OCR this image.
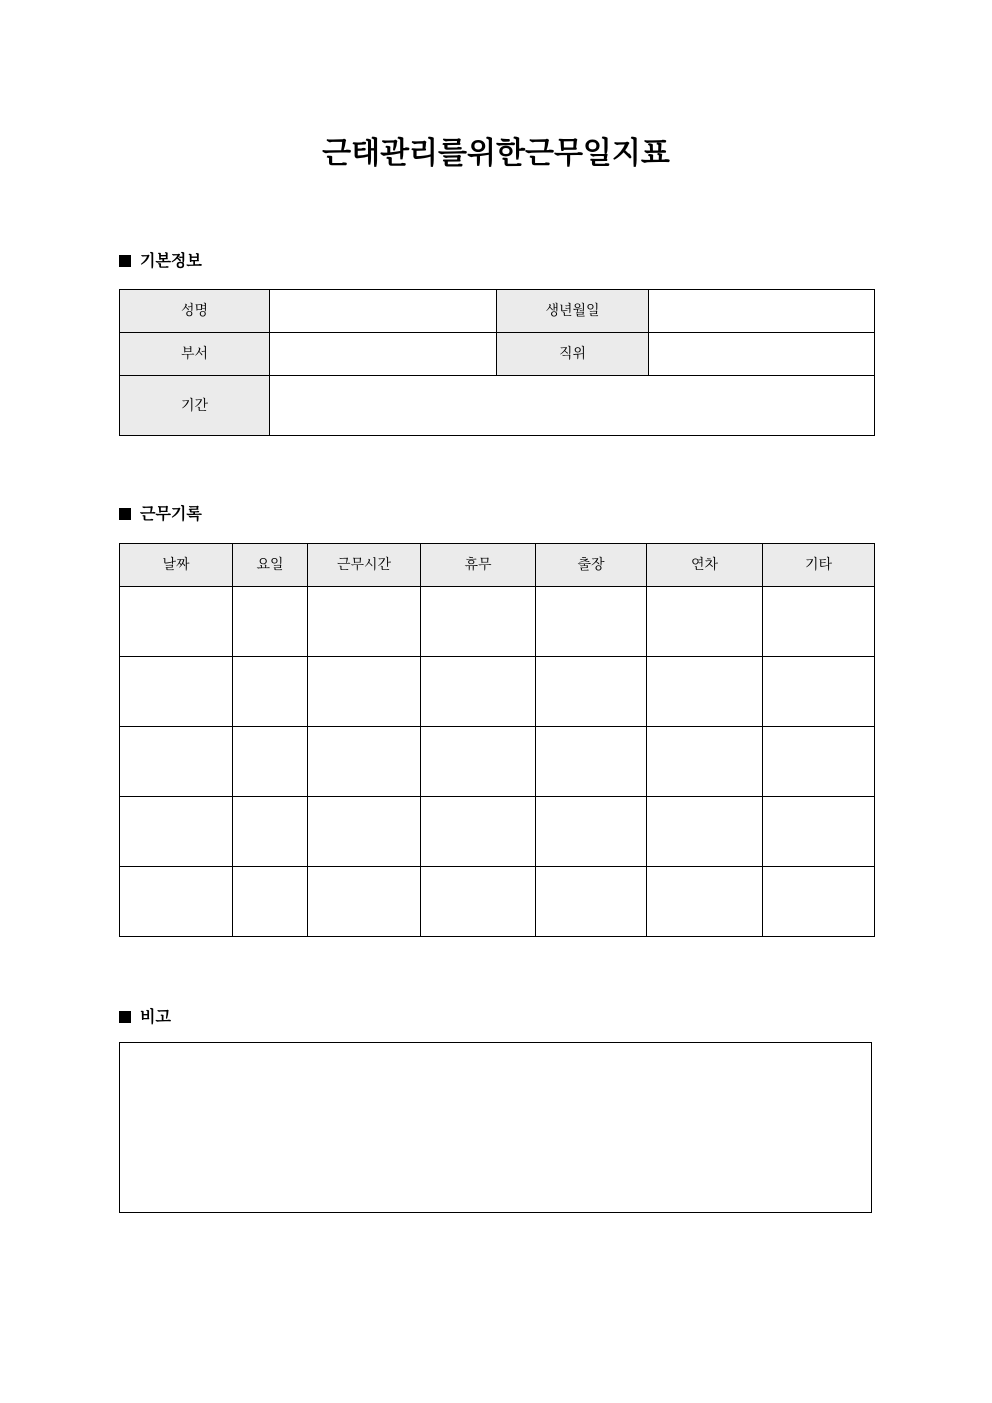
근태관리를위한근무일지표
기본정보
성명		생년월일	
부서		직위	
기간			
근무기록
날짜	요일	근무시간	휴무	출장	연차	기타

비고
